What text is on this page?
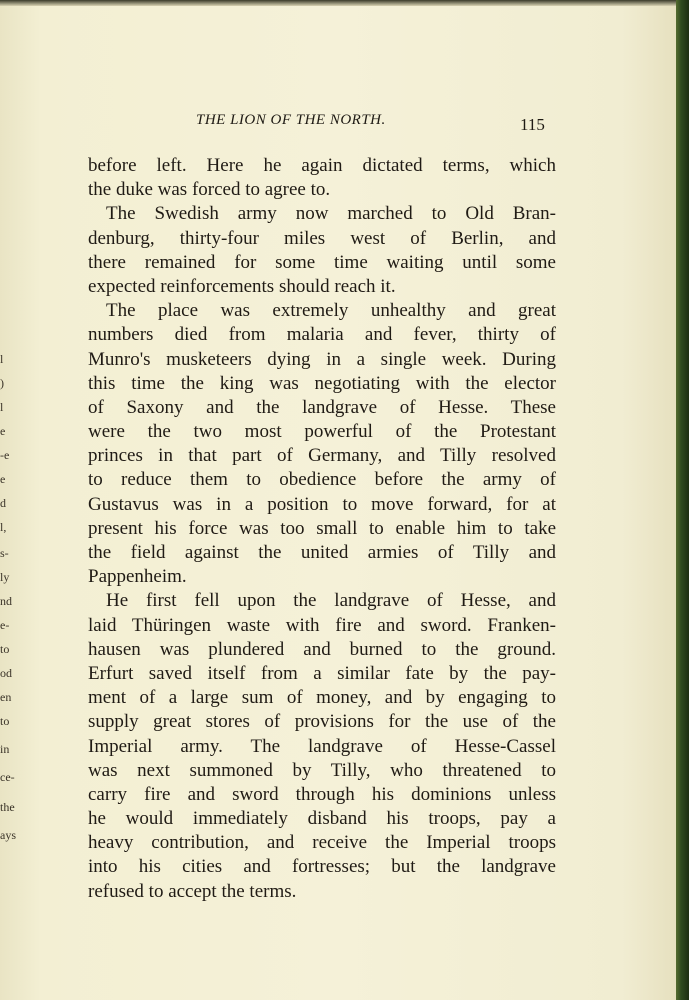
l
)
l
e
-e
e
d
l,
s-
ly
nd
e-
to
od
en
to
in
ce-
the
ays
THE LION OF THE NORTH.	115
before left. Here he again dictated terms, which
the duke was forced to agree to.
The Swedish army now marched to Old Bran-
denburg, thirty-four miles west of Berlin, and
there remained for some time waiting until some
expected reinforcements should reach it.
The place was extremely unhealthy and great
numbers died from malaria and fever, thirty of
Munro's musketeers dying in a single week. During
this time the king was negotiating with the elector
of Saxony and the landgrave of Hesse. These
were the two most powerful of the Protestant
princes in that part of Germany, and Tilly resolved
to reduce them to obedience before the army of
Gustavus was in a position to move forward, for at
present his force was too small to enable him to take
the field against the united armies of Tilly and
Pappenheim.
He first fell upon the landgrave of Hesse, and
laid Thüringen waste with fire and sword. Franken-
hausen was plundered and burned to the ground.
Erfurt saved itself from a similar fate by the pay-
ment of a large sum of money, and by engaging to
supply great stores of provisions for the use of the
Imperial army. The landgrave of Hesse-Cassel
was next summoned by Tilly, who threatened to
carry fire and sword through his dominions unless
he would immediately disband his troops, pay a
heavy contribution, and receive the Imperial troops
into his cities and fortresses; but the landgrave
refused to accept the terms.
